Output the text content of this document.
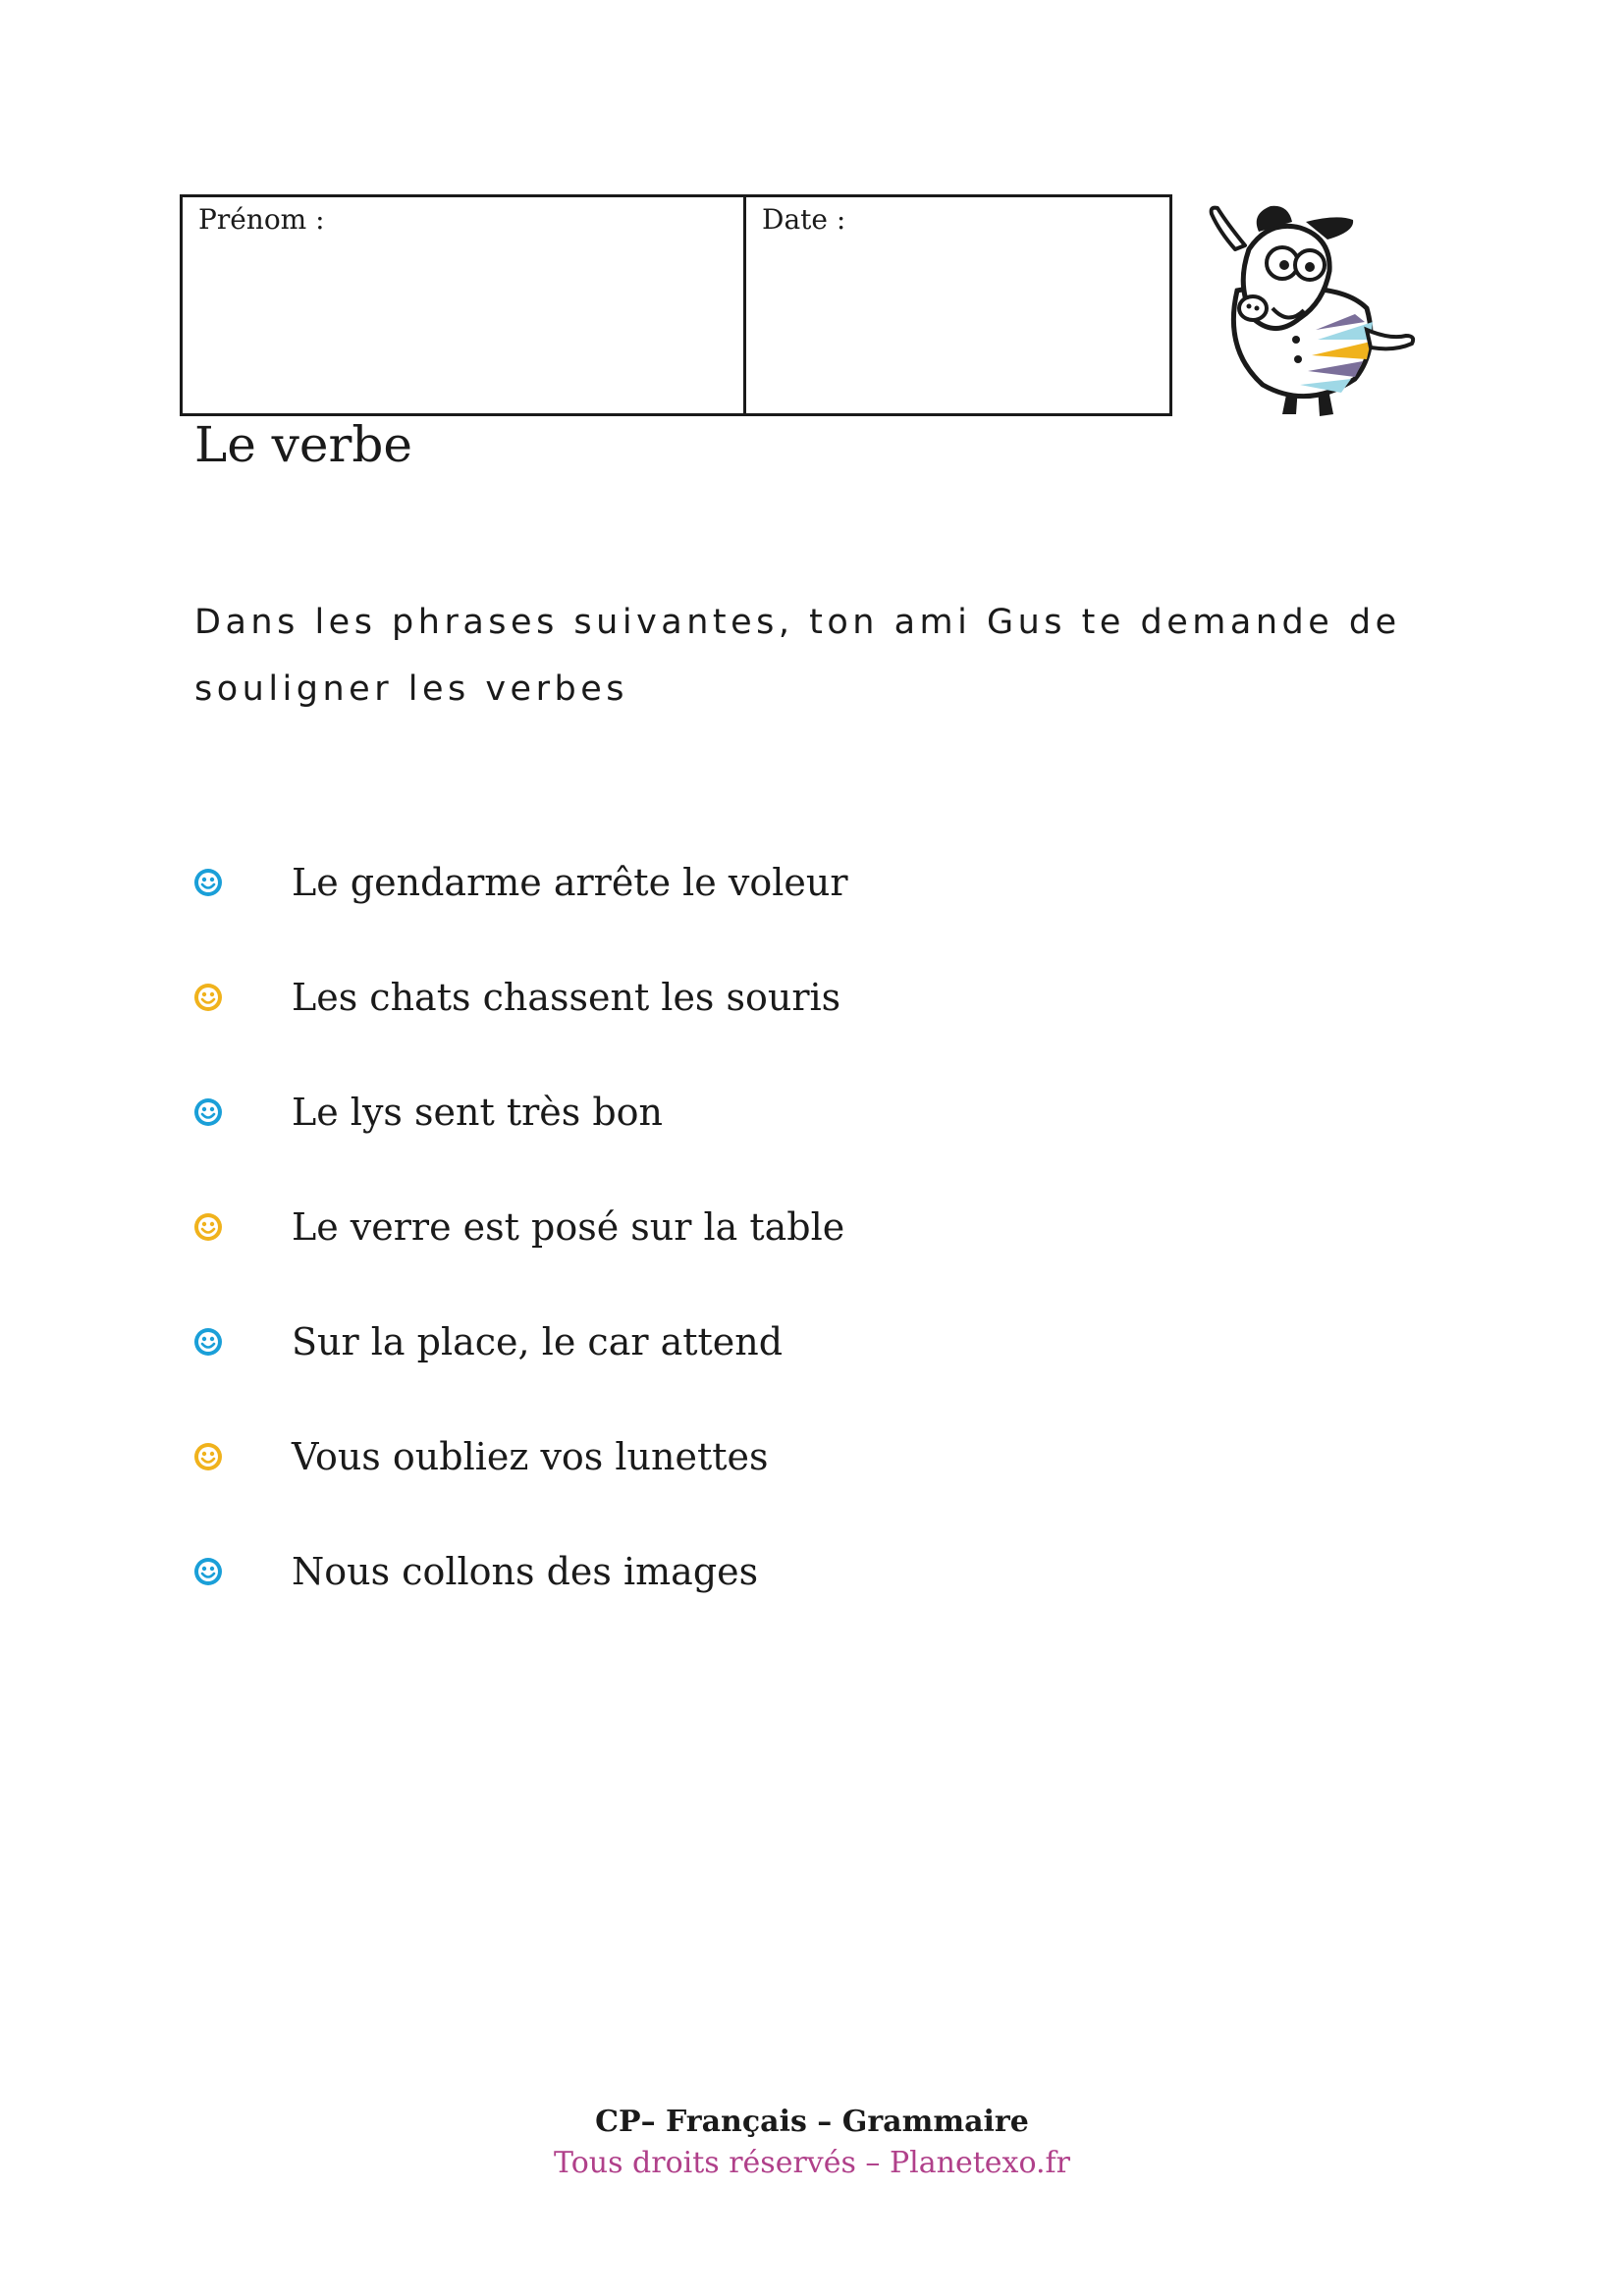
Prénom :	Date :
Le verbe

Dans les phrases suivantes, ton ami Gus te demande de souligner les verbes

Le gendarme arrête le voleur
Les chats chassent les souris
Le lys sent très bon
Le verre est posé sur la table
Sur la place, le car attend
Vous oubliez vos lunettes
Nous collons des images
CP– Français – Grammaire
Tous droits réservés – Planetexo.fr
